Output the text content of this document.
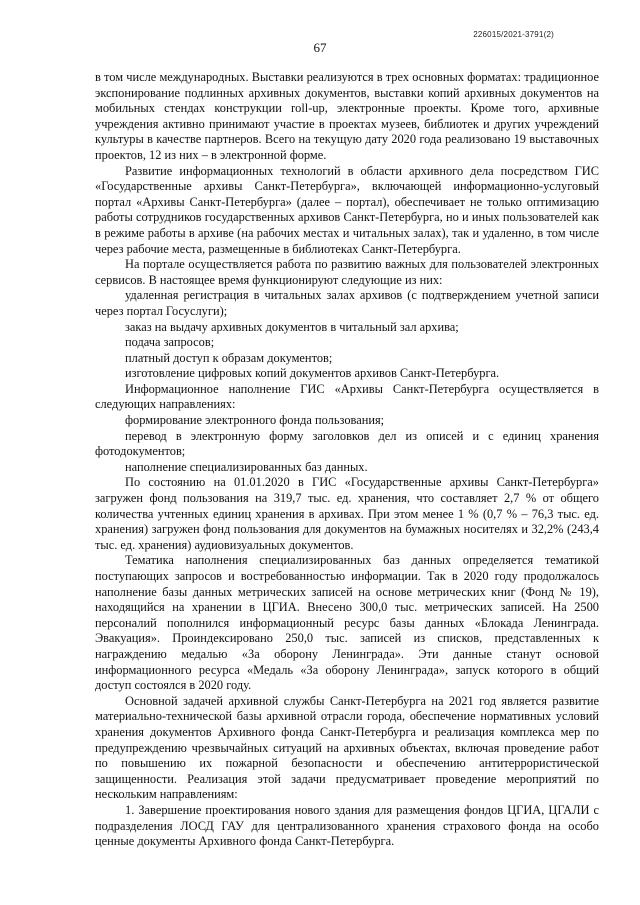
226015/2021-3791(2)
67

в том числе международных. Выставки реализуются в трех основных форматах: традиционное экспонирование подлинных архивных документов, выставки копий архивных документов на мобильных стендах конструкции roll-up, электронные проекты. Кроме того, архивные учреждения активно принимают участие в проектах музеев, библиотек и других учреждений культуры в качестве партнеров. Всего на текущую дату 2020 года реализовано 19 выставочных проектов, 12 из них – в электронной форме.

Развитие информационных технологий в области архивного дела посредством ГИС «Государственные архивы Санкт-Петербурга», включающей информационно-услуговый портал «Архивы Санкт-Петербурга» (далее – портал), обеспечивает не только оптимизацию работы сотрудников государственных архивов Санкт-Петербурга, но и иных пользователей как в режиме работы в архиве (на рабочих местах и читальных залах), так и удаленно, в том числе через рабочие места, размещенные в библиотеках Санкт-Петербурга.

На портале осуществляется работа по развитию важных для пользователей электронных сервисов. В настоящее время функционируют следующие из них:

удаленная регистрация в читальных залах архивов (с подтверждением учетной записи через портал Госуслуги);

заказ на выдачу архивных документов в читальный зал архива;

подача запросов;

платный доступ к образам документов;

изготовление цифровых копий документов архивов Санкт-Петербурга.

Информационное наполнение ГИС «Архивы Санкт-Петербурга осуществляется в следующих направлениях:

формирование электронного фонда пользования;

перевод в электронную форму заголовков дел из описей и с единиц хранения фотодокументов;

наполнение специализированных баз данных.

По состоянию на 01.01.2020 в ГИС «Государственные архивы Санкт-Петербурга» загружен фонд пользования на 319,7 тыс. ед. хранения, что составляет 2,7 % от общего количества учтенных единиц хранения в архивах. При этом менее 1 % (0,7 % – 76,3 тыс. ед. хранения) загружен фонд пользования для документов на бумажных носителях и 32,2% (243,4 тыс. ед. хранения) аудиовизуальных документов.

Тематика наполнения специализированных баз данных определяется тематикой поступающих запросов и востребованностью информации. Так в 2020 году продолжалось наполнение базы данных метрических записей на основе метрических книг (Фонд № 19), находящийся на хранении в ЦГИА. Внесено 300,0 тыс. метрических записей. На 2500 персоналий пополнился информационный ресурс базы данных «Блокада Ленинграда. Эвакуация». Проиндексировано 250,0 тыс. записей из списков, представленных к награждению медалью «За оборону Ленинграда». Эти данные станут основой информационного ресурса «Медаль «За оборону Ленинграда», запуск которого в общий доступ состоялся в 2020 году.

Основной задачей архивной службы Санкт-Петербурга на 2021 год является развитие материально-технической базы архивной отрасли города, обеспечение нормативных условий хранения документов Архивного фонда Санкт-Петербурга и реализация комплекса мер по предупреждению чрезвычайных ситуаций на архивных объектах, включая проведение работ по повышению их пожарной безопасности и обеспечению антитеррористической защищенности. Реализация этой задачи предусматривает проведение мероприятий по нескольким направлениям:

1. Завершение проектирования нового здания для размещения фондов ЦГИА, ЦГАЛИ с подразделения ЛОСД ГАУ для централизованного хранения страхового фонда на особо ценные документы Архивного фонда Санкт-Петербурга.
